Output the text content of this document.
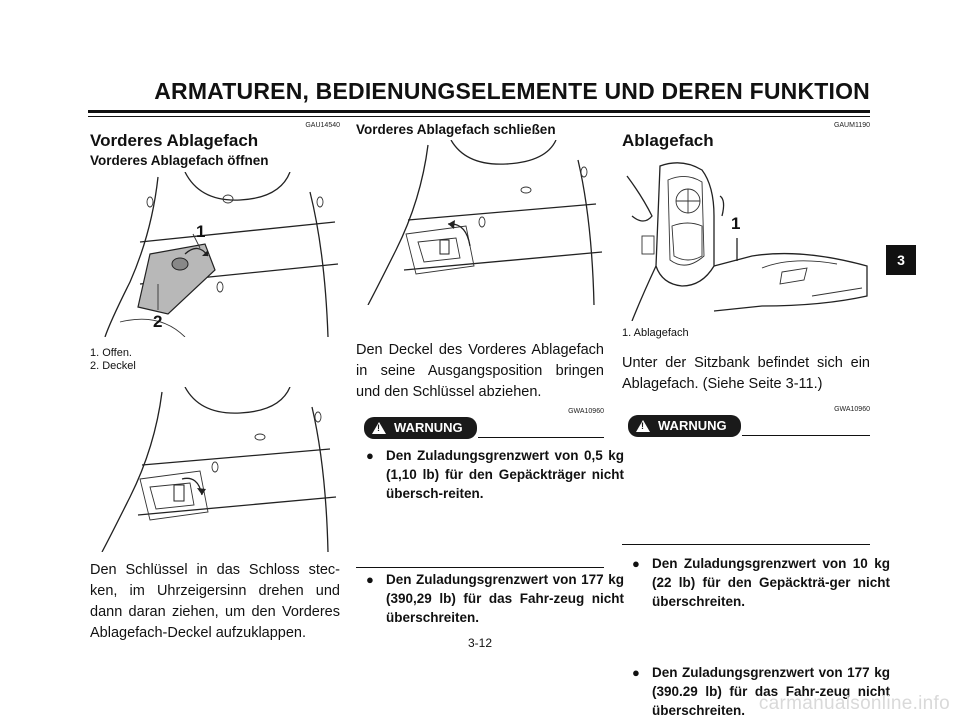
ARMATUREN, BEDIENUNGSELEMENTE UND DEREN FUNKTION
GAU14540
Vorderes Ablagefach
Vorderes Ablagefach öffnen
1
2
1. Offen.
2. Deckel
Den Schlüssel in das Schloss stec-ken, im Uhrzeigersinn drehen und dann daran ziehen, um den Vorderes Ablagefach-Deckel aufzuklappen.
Vorderes Ablagefach schließen
Den Deckel des Vorderes Ablagefach in seine Ausgangsposition bringen und den Schlüssel abziehen.
GWA10960
!
WARNUNG
● Den Zuladungsgrenzwert von 0,5 kg (1,10 lb) für den Gepäckträger nicht übersch-reiten.
● Den Zuladungsgrenzwert von 177 kg (390,29 lb) für das Fahr-zeug nicht überschreiten.
GAUM1190
Ablagefach
1
1. Ablagefach
Unter der Sitzbank befindet sich ein Ablagefach. (Siehe Seite 3-11.)
GWA10960
!
WARNUNG
● Den Zuladungsgrenzwert von 10 kg (22 lb) für den Gepäckträ-ger nicht überschreiten.
● Den Zuladungsgrenzwert von 177 kg (390.29 lb) für das Fahr-zeug nicht überschreiten.
3
3-12
carmanualsonline.info
